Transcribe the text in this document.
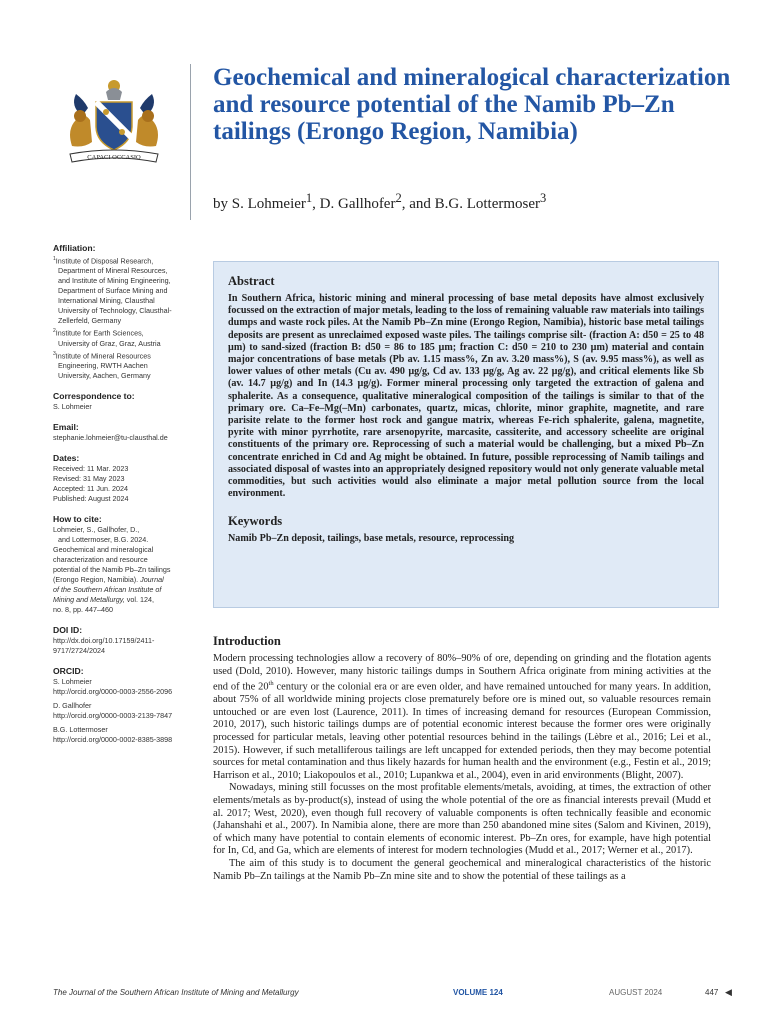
CAPACI OCCASIO
Geochemical and mineralogical characterization and resource potential of the Namib Pb–Zn tailings (Erongo Region, Namibia)
by S. Lohmeier$^1$, D. Gallhofer$^2$, and B.G. Lottermoser$^3$
Affiliation:
$^1$Institute of Disposal Research,
Department of Mineral Resources,
and Institute of Mining Engineering,
Department of Surface Mining and
International Mining, Clausthal
University of Technology, Clausthal-
Zellerfeld, Germany
$^2$Institute for Earth Sciences,
University of Graz, Graz, Austria
$^3$Institute of Mineral Resources
Engineering, RWTH Aachen
University, Aachen, Germany
Correspondence to:
S. Lohmeier
Email:
stephanie.lohmeier@tu-clausthal.de
Dates:
Received: 11 Mar. 2023
Revised: 31 May 2023
Accepted: 11 Jun. 2024
Published: August 2024
How to cite:
Lohmeier, S., Gallhofer, D.,
and Lottermoser, B.G. 2024.
Geochemical and mineralogical
characterization and resource
potential of the Namib Pb–Zn tailings
(Erongo Region, Namibia). Journal
of the Southern African Institute of
Mining and Metallurgy, vol. 124,
no. 8, pp. 447–460
DOI ID:
http://dx.doi.org/10.17159/2411-
9717/2724/2024
ORCID:
S. Lohmeier
http://orcid.org/0000-0003-2556-2096
D. Gallhofer
http://orcid.org/0000-0003-2139-7847
B.G. Lottermoser
http://orcid.org/0000-0002-8385-3898
Abstract
In Southern Africa, historic mining and mineral processing of base metal deposits have almost exclusively focussed on the extraction of major metals, leading to the loss of remaining valuable raw materials into tailings dumps and waste rock piles. At the Namib Pb–Zn mine (Erongo Region, Namibia), historic base metal tailings deposits are present as unreclaimed exposed waste piles. The tailings comprise silt- (fraction A: d50 = 25 to 48 µm) to sand-sized (fraction B: d50 = 86 to 185 µm; fraction C: d50 = 210 to 230 µm) material and contain major concentrations of base metals (Pb av. 1.15 mass%, Zn av. 3.20 mass%), S (av. 9.95 mass%), as well as lower values of other metals (Cu av. 490 µg/g, Cd av. 133 µg/g, Ag av. 22 µg/g), and critical elements like Sb (av. 14.7 µg/g) and In (14.3 µg/g). Former mineral processing only targeted the extraction of galena and sphalerite. As a consequence, qualitative mineralogical composition of the tailings is similar to that of the primary ore. Ca–Fe–Mg(–Mn) carbonates, quartz, micas, chlorite, minor graphite, magnetite, and rare parisite relate to the former host rock and gangue matrix, whereas Fe-rich sphalerite, galena, magnetite, pyrite with minor pyrrhotite, rare arsenopyrite, marcasite, cassiterite, and accessory scheelite are original constituents of the primary ore. Reprocessing of such a material would be challenging, but a mixed Pb–Zn concentrate enriched in Cd and Ag might be obtained. In future, possible reprocessing of Namib tailings and associated disposal of wastes into an appropriately designed repository would not only generate valuable metal commodities, but such activities would also eliminate a major metal pollution source from the local environment.
Keywords
Namib Pb–Zn deposit, tailings, base metals, resource, reprocessing
Introduction

Modern processing technologies allow a recovery of 80%–90% of ore, depending on grinding and the flotation agents used (Dold, 2010). However, many historic tailings dumps in Southern Africa originate from mining activities at the end of the 20th century or the colonial era or are even older, and have remained untouched for many years. In addition, about 75% of all worldwide mining projects close prematurely before ore is mined out, so valuable resources remain untouched or are even lost (Laurence, 2011). In times of increasing demand for resources (European Commission, 2010, 2017), such historic tailings dumps are of potential economic interest because the former ores were originally processed for particular metals, leaving other potential resources behind in the tailings (Lèbre et al., 2016; Lei et al., 2015). However, if such metalliferous tailings are left uncapped for extended periods, then they may become potential sources for metal contamination and thus likely hazards for human health and the environment (e.g., Festin et al., 2019; Harrison et al., 2010; Liakopoulos et al., 2010; Lupankwa et al., 2004), even in arid environments (Blight, 2007).

Nowadays, mining still focusses on the most profitable elements/metals, avoiding, at times, the extraction of other elements/metals as by-product(s), instead of using the whole potential of the ore as financial interests prevail (Mudd et al. 2017; West, 2020), even though full recovery of valuable components is often technically feasible and economic (Jahanshahi et al., 2007). In Namibia alone, there are more than 250 abandoned mine sites (Salom and Kivinen, 2019), of which many have potential to contain elements of economic interest. Pb–Zn ores, for example, have high potential for In, Cd, and Ga, which are elements of interest for modern technologies (Mudd et al., 2017; Werner et al., 2017).

The aim of this study is to document the general geochemical and mineralogical characteristics of the historic Namib Pb–Zn tailings at the Namib Pb–Zn mine site and to show the potential of these tailings as a

The Journal of the Southern African Institute of Mining and Metallurgy	VOLUME 124	AUGUST 2024	447 ◀
